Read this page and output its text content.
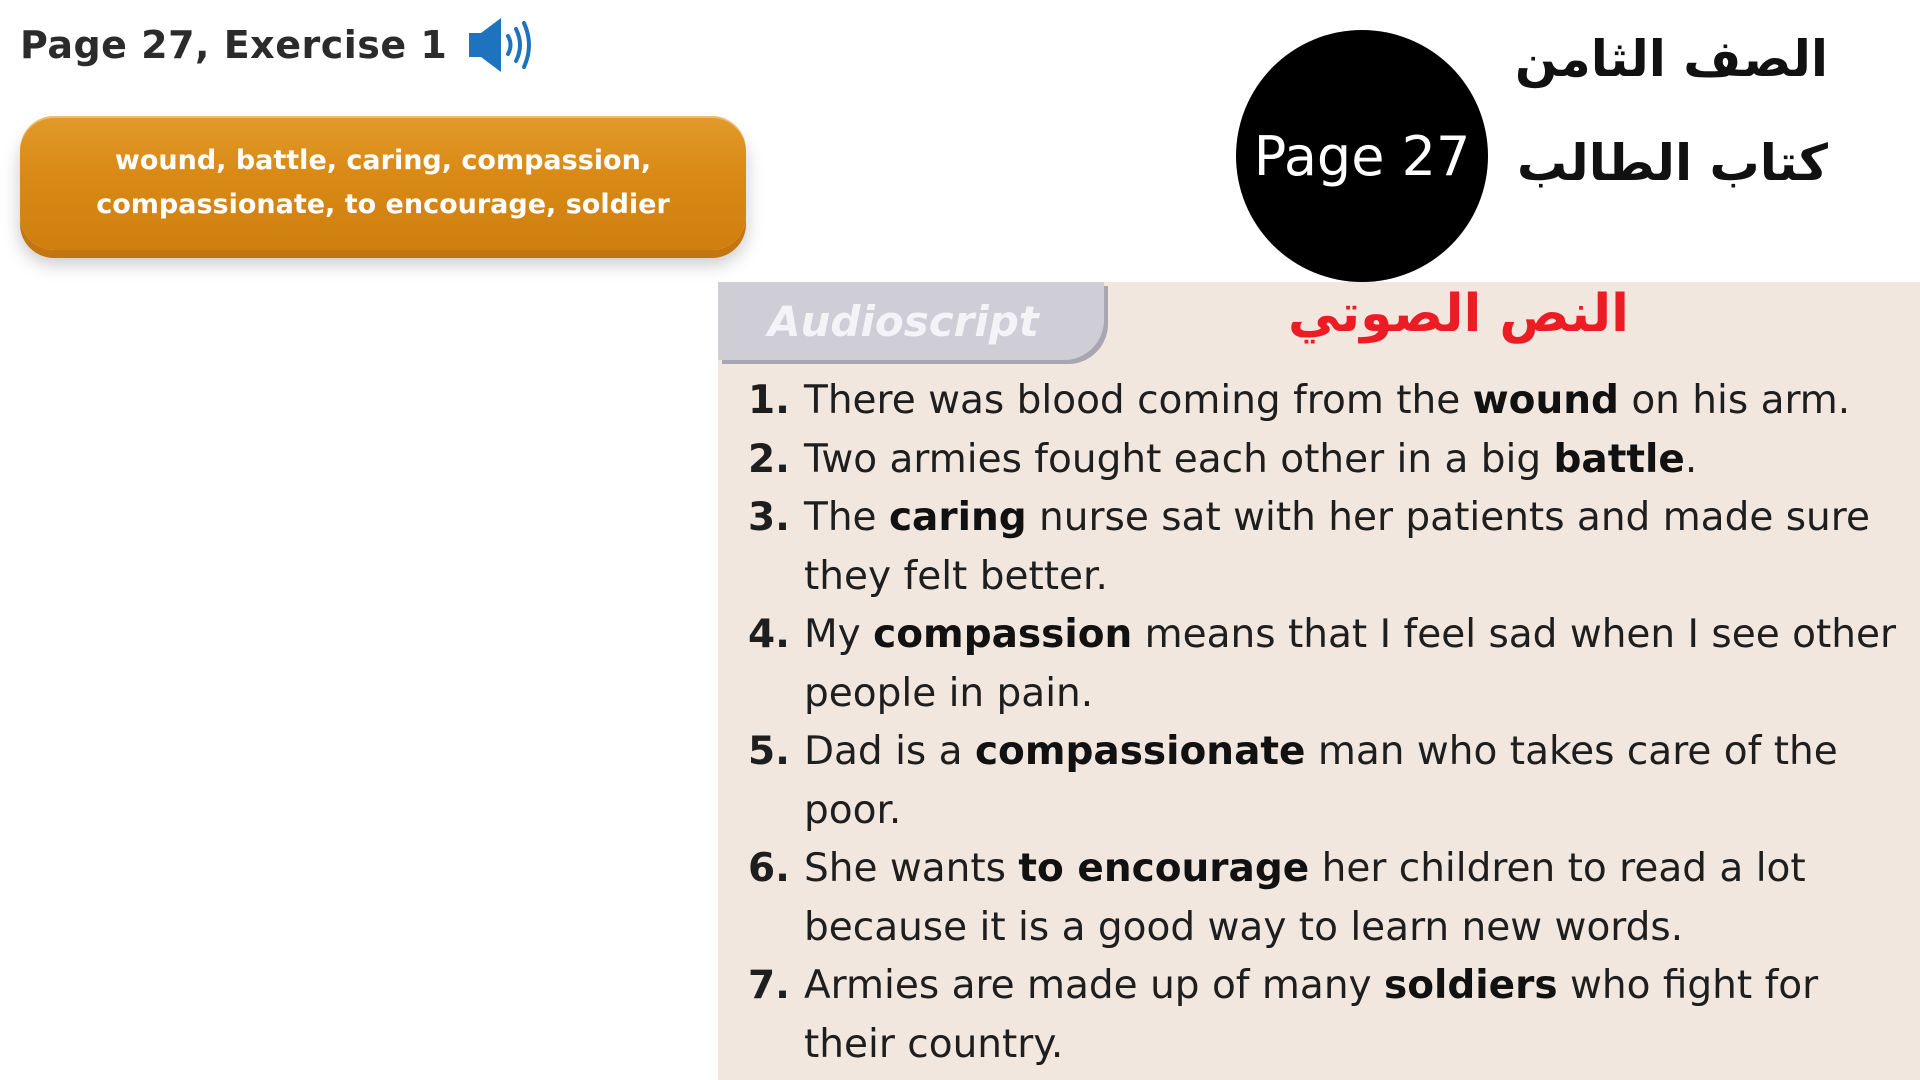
Page 27, Exercise 1
wound, battle, caring, compassion,
compassionate, to encourage, soldier
Page 27
الصف الثامن
كتاب الطالب
Audioscript	النص الصوتي
1. There was blood coming from the wound on his arm.
2. Two armies fought each other in a big battle.
3. The caring nurse sat with her patients and made sure they felt better.
4. My compassion means that I feel sad when I see other people in pain.
5. Dad is a compassionate man who takes care of the poor.
6. She wants to encourage her children to read a lot because it is a good way to learn new words.
7. Armies are made up of many soldiers who fight for their country.
